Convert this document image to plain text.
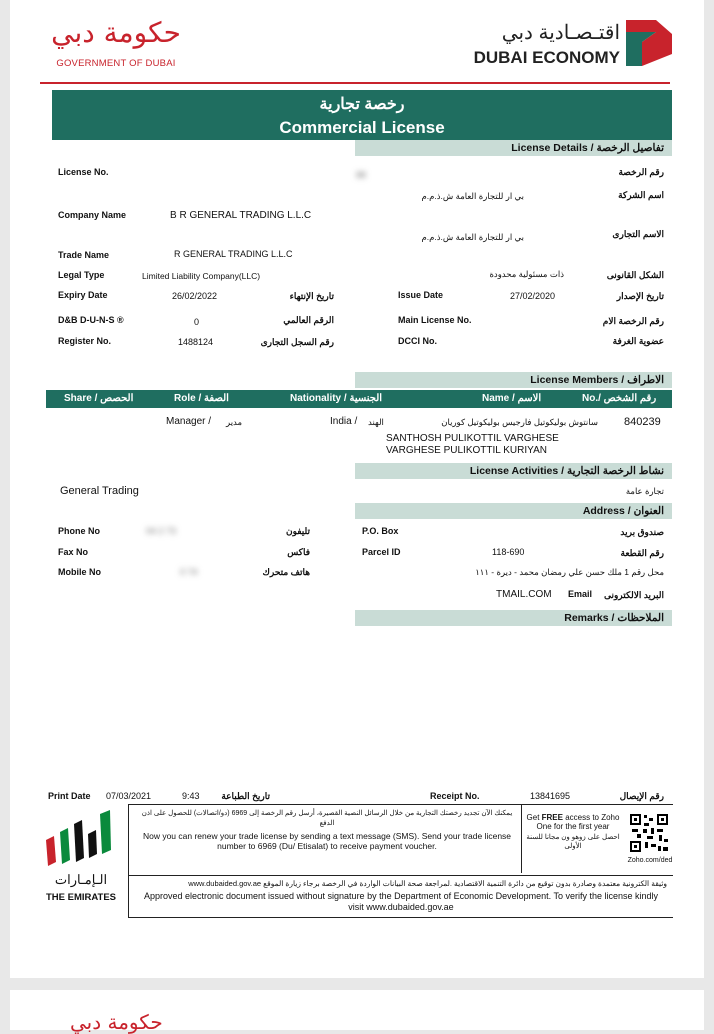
حكومة دبي
GOVERNMENT OF DUBAI
اقتـصـادية دبي
DUBAI ECONOMY
رخصة تجارية
Commercial License
License Details / تفاصيل الرخصة
License No.	88	رقم الرخصة
بي ار للتجارة العامة ش.ذ.م.م	اسم الشركة
Company Name	B R GENERAL TRADING L.L.C
بي ار للتجارة العامة ش.ذ.م.م	الاسم التجارى
Trade Name	R GENERAL TRADING L.L.C
Legal Type	Limited Liability Company(LLC)	ذات مسئولية محدودة	الشكل القانونى
Expiry Date	26/02/2022	تاريخ الإنتهاء	Issue Date	27/02/2020	تاريخ الإصدار
D&B D-U-N-S ®	0	الرقم العالمي	Main License No.	رقم الرخصة الام
Register No.	1488124	رقم السجل التجارى	DCCI No.	عضوية الغرفة
License Members / الاطراف
Share / الحصص	Role / الصفة	Nationality / الجنسية	Name / الاسم	No./ رقم الشخص
Manager / مدير	India / الهند	سانتوش بوليكوتيل فارجيس بوليكوتيل كوريان 840239
SANTHOSH PULIKOTTIL VARGHESE
VARGHESE PULIKOTTIL KURIYAN
License Activities / نشاط الرخصة التجارية
General Trading	تجارة عامة
Address / العنوان
Phone No	04 2 73	تليفون	P.O. Box	صندوق بريد
Fax No	فاكس	Parcel ID	118-690	رقم القطعة
Mobile No	0 74	هاتف متحرك	محل رقم 1 ملك حسن علي رمضان محمد - ديرة - ١١١
TMAIL.COM Email البريد الالكترونى
Remarks / الملاحظات
Print Date 07/03/2021	9:43	تاريخ الطباعة	Receipt No.	13841695	رقم الإيصال
يمكنك الآن تجديد رخصتك التجارية من خلال الرسائل النصية القصيرة، أرسل رقم الرخصة إلى 6969 (دو/اتصالات) للحصول على اذن الدفع
Now you can renew your trade license by sending a text message (SMS). Send your trade license number to 6969 (Du/ Etisalat) to receive payment voucher.
Get FREE access to Zoho One for the first year
احصل على زوهو ون مجانا للسنة الأولى
Zoho.com/ded
وثيقة الكترونية معتمدة وصادرة بدون توقيع من دائرة التنمية الاقتصادية .لمراجعة صحة البيانات الواردة في الرخصة برجاء زيارة الموقع www.dubaided.gov.ae
Approved electronic document issued without signature by the Department of Economic Development. To verify the license kindly visit www.dubaided.gov.ae
الـإمـارات
THE EMIRATES
حكومة دبي
